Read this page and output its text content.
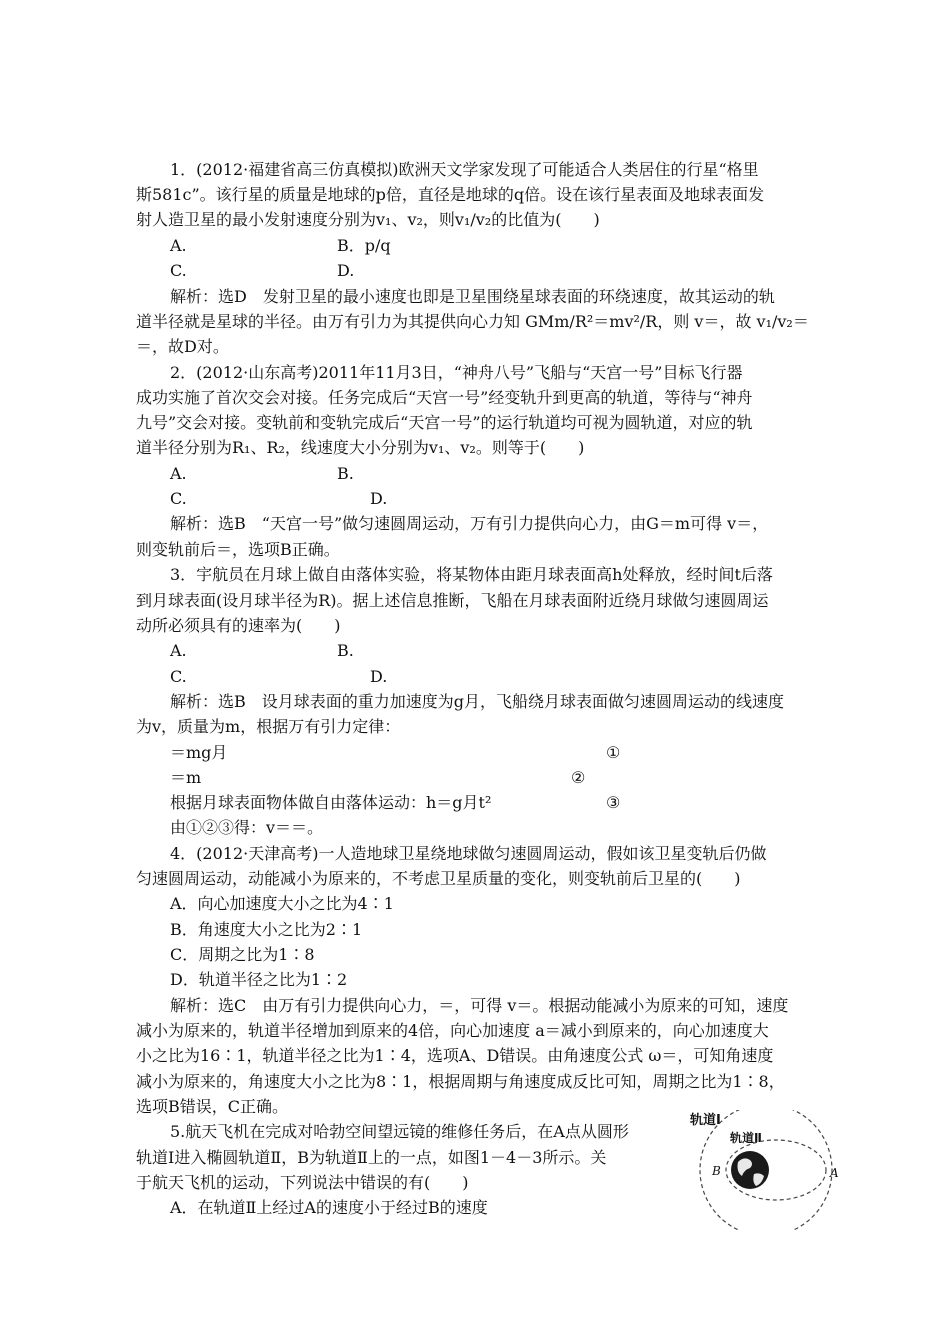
1．(2012·福建省高三仿真模拟)欧洲天文学家发现了可能适合人类居住的行星“格里
斯581c”。该行星的质量是地球的p倍，直径是地球的q倍。设在该行星表面及地球表面发
射人造卫星的最小发射速度分别为v₁、v₂，则v₁/v₂的比值为(　　)
A.	B．p/q
C.	D.
解析：选D　发射卫星的最小速度也即是卫星围绕星球表面的环绕速度，故其运动的轨
道半径就是星球的半径。由万有引力为其提供向心力知 GMm/R²＝mv²/R，则 v＝，故 v₁/v₂＝
＝，故D对。
2．(2012·山东高考)2011年11月3日，“神舟八号”飞船与“天宫一号”目标飞行器
成功实施了首次交会对接。任务完成后“天宫一号”经变轨升到更高的轨道，等待与“神舟
九号”交会对接。变轨前和变轨完成后“天宫一号”的运行轨道均可视为圆轨道，对应的轨
道半径分别为R₁、R₂，线速度大小分别为v₁、v₂。则等于(　　)
A.	B.
C.	D.
解析：选B　“天宫一号”做匀速圆周运动，万有引力提供向心力，由G＝m可得 v＝，
则变轨前后＝，选项B正确。
3．宇航员在月球上做自由落体实验，将某物体由距月球表面高h处释放，经时间t后落
到月球表面(设月球半径为R)。据上述信息推断，飞船在月球表面附近绕月球做匀速圆周运
动所必须具有的速率为(　　)
A.	B.
C.	D.
解析：选B　设月球表面的重力加速度为g月，飞船绕月球表面做匀速圆周运动的线速度
为v，质量为m，根据万有引力定律：
＝mg月	①
＝m	②
根据月球表面物体做自由落体运动：h＝g月t²	③
由①②③得：v＝＝。
4．(2012·天津高考)一人造地球卫星绕地球做匀速圆周运动，假如该卫星变轨后仍做
匀速圆周运动，动能减小为原来的，不考虑卫星质量的变化，则变轨前后卫星的(　　)
A．向心加速度大小之比为4∶1
B．角速度大小之比为2∶1
C．周期之比为1∶8
D．轨道半径之比为1∶2
解析：选C　由万有引力提供向心力，＝，可得 v＝。根据动能减小为原来的可知，速度
减小为原来的，轨道半径增加到原来的4倍，向心加速度 a＝减小到原来的，向心加速度大
小之比为16∶1，轨道半径之比为1∶4，选项A、D错误。由角速度公式 ω＝，可知角速度
减小为原来的，角速度大小之比为8∶1，根据周期与角速度成反比可知，周期之比为1∶8，
选项B错误，C正确。
5.航天飞机在完成对哈勃空间望远镜的维修任务后，在A点从圆形
轨道Ⅰ进入椭圆轨道Ⅱ，B为轨道Ⅱ上的一点，如图1－4－3所示。关
于航天飞机的运动，下列说法中错误的有(　　)
A．在轨道Ⅱ上经过A的速度小于经过B的速度
轨道Ⅰ
轨道Ⅱ
B	A
